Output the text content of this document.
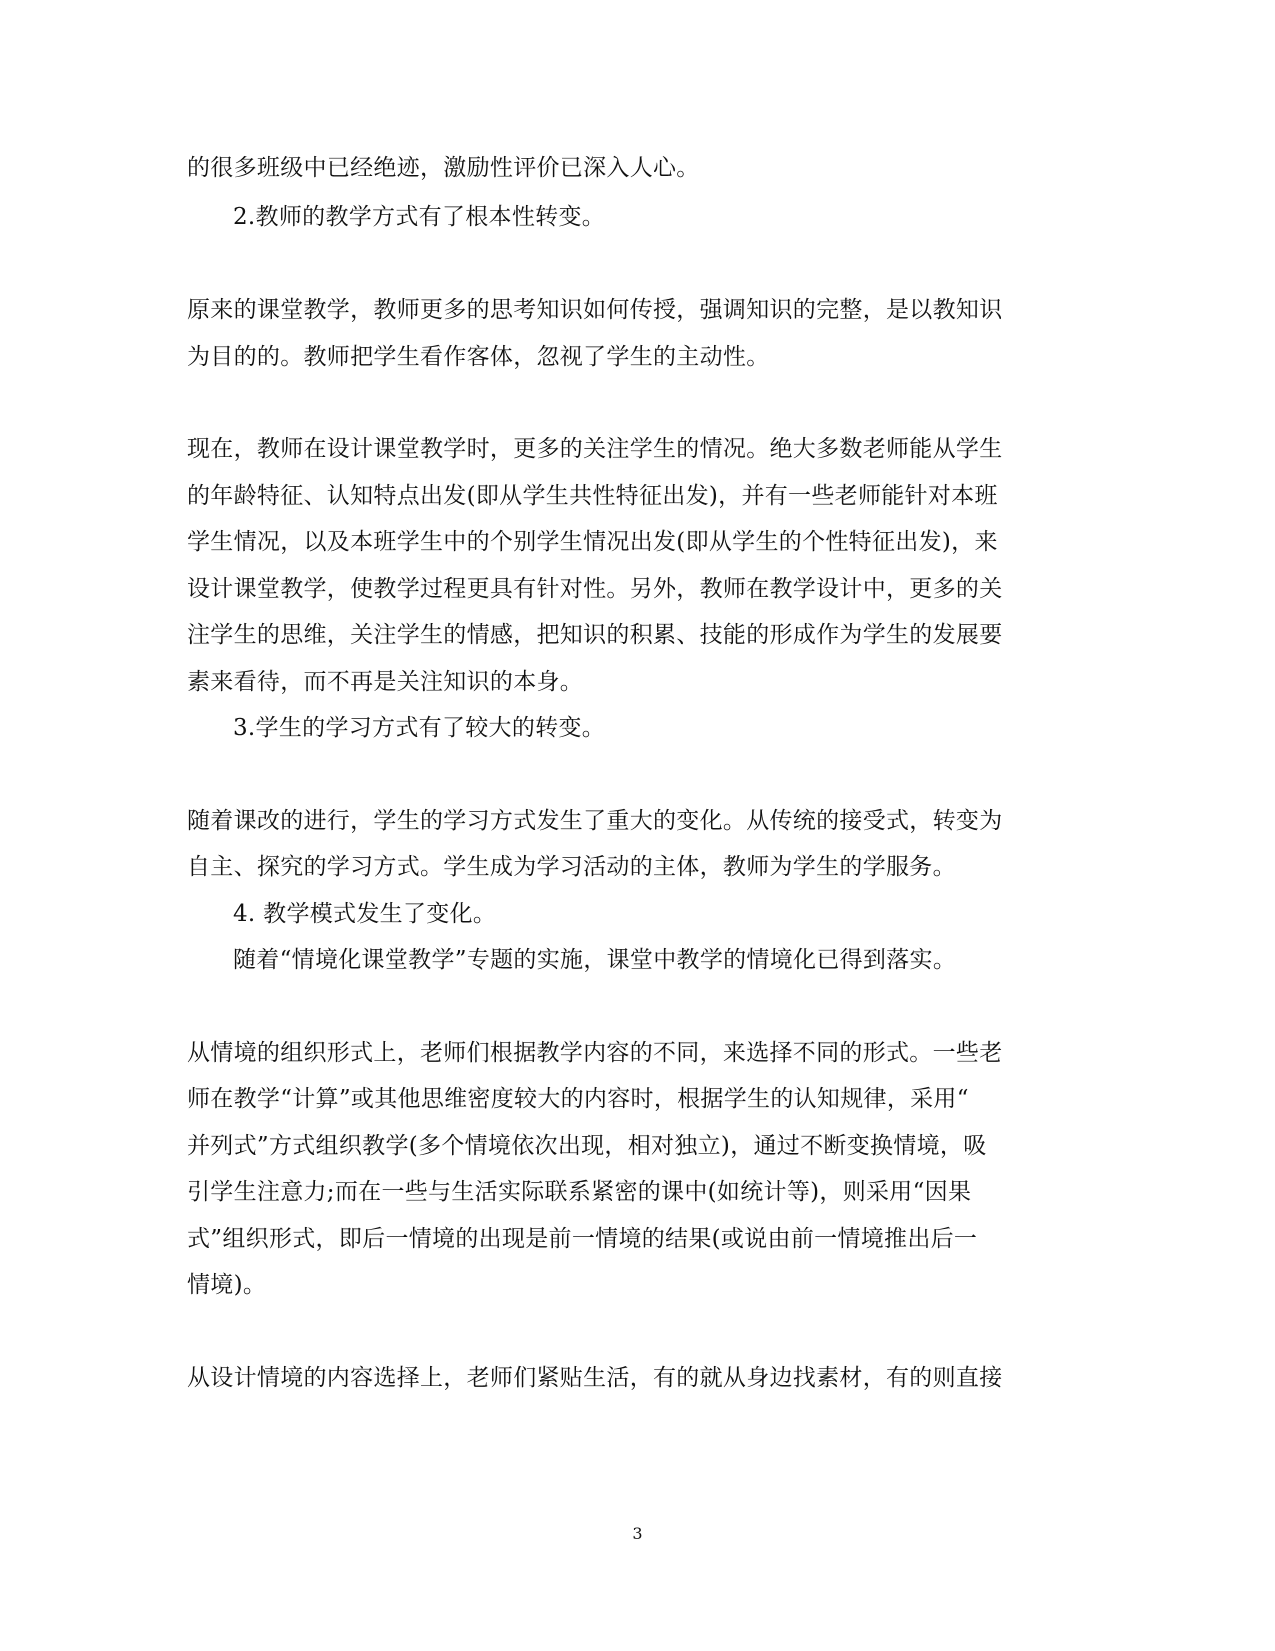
的很多班级中已经绝迹，激励性评价已深入人心。
2.教师的教学方式有了根本性转变。
原来的课堂教学，教师更多的思考知识如何传授，强调知识的完整，是以教知识
为目的的。教师把学生看作客体，忽视了学生的主动性。
现在，教师在设计课堂教学时，更多的关注学生的情况。绝大多数老师能从学生
的年龄特征、认知特点出发(即从学生共性特征出发)，并有一些老师能针对本班
学生情况，以及本班学生中的个别学生情况出发(即从学生的个性特征出发)，来
设计课堂教学，使教学过程更具有针对性。另外，教师在教学设计中，更多的关
注学生的思维，关注学生的情感，把知识的积累、技能的形成作为学生的发展要
素来看待，而不再是关注知识的本身。
3.学生的学习方式有了较大的转变。
随着课改的进行，学生的学习方式发生了重大的变化。从传统的接受式，转变为
自主、探究的学习方式。学生成为学习活动的主体，教师为学生的学服务。
4. 教学模式发生了变化。
随着“情境化课堂教学”专题的实施，课堂中教学的情境化已得到落实。
从情境的组织形式上，老师们根据教学内容的不同，来选择不同的形式。一些老
师在教学“计算”或其他思维密度较大的内容时，根据学生的认知规律，采用“
并列式”方式组织教学(多个情境依次出现，相对独立)，通过不断变换情境，吸
引学生注意力;而在一些与生活实际联系紧密的课中(如统计等)，则采用“因果
式”组织形式，即后一情境的出现是前一情境的结果(或说由前一情境推出后一
情境)。
从设计情境的内容选择上，老师们紧贴生活，有的就从身边找素材，有的则直接
3
